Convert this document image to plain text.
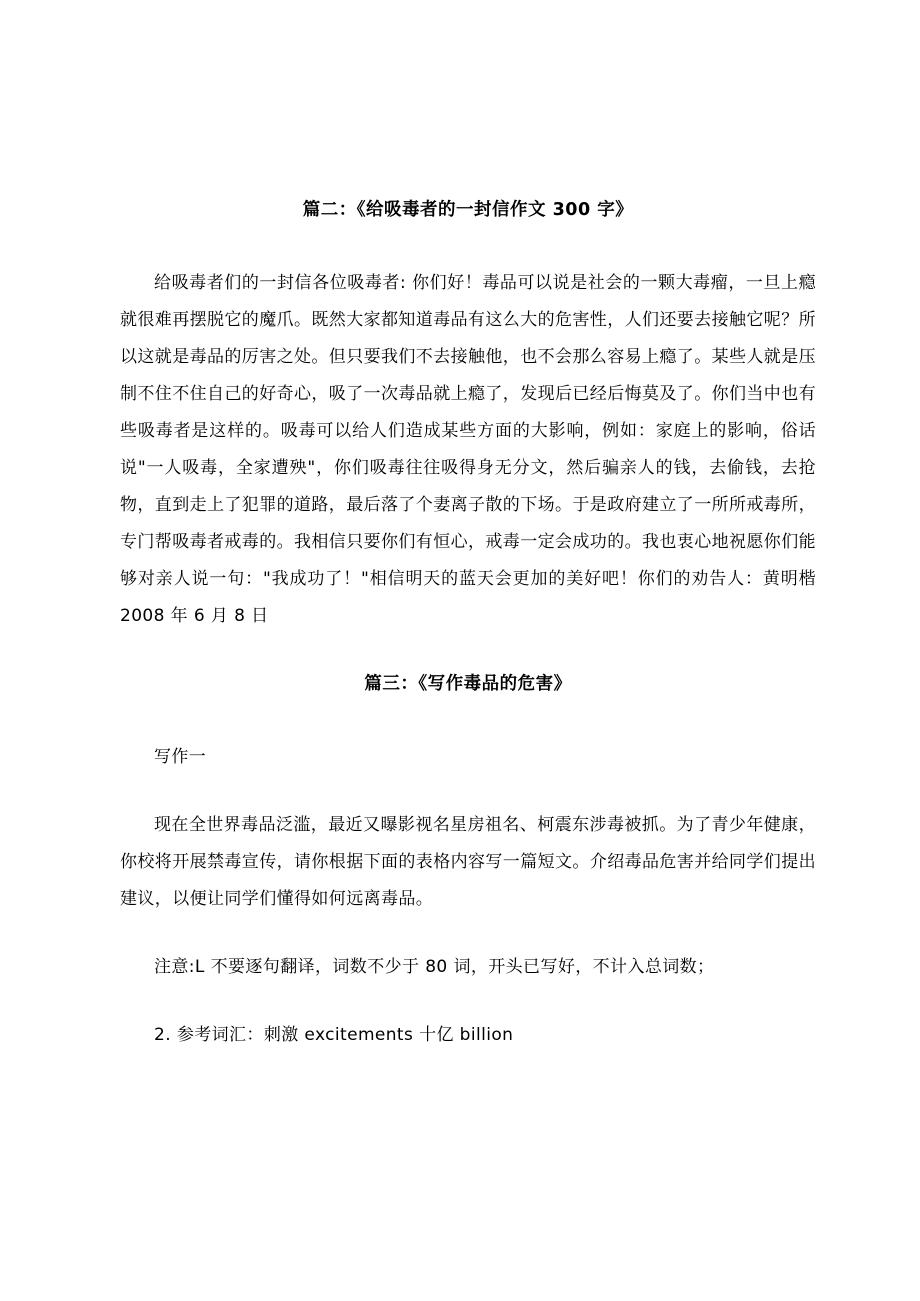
篇二：《给吸毒者的一封信作文 300 字》

给吸毒者们的一封信各位吸毒者: 你们好！毒品可以说是社会的一颗大毒瘤，一旦上瘾就很难再摆脱它的魔爪。既然大家都知道毒品有这么大的危害性，人们还要去接触它呢？所以这就是毒品的厉害之处。但只要我们不去接触他，也不会那么容易上瘾了。某些人就是压制不住不住自己的好奇心，吸了一次毒品就上瘾了，发现后已经后悔莫及了。你们当中也有些吸毒者是这样的。吸毒可以给人们造成某些方面的大影响，例如：家庭上的影响，俗话说"一人吸毒，全家遭殃"，你们吸毒往往吸得身无分文，然后骗亲人的钱，去偷钱，去抢物，直到走上了犯罪的道路，最后落了个妻离子散的下场。于是政府建立了一所所戒毒所，专门帮吸毒者戒毒的。我相信只要你们有恒心，戒毒一定会成功的。我也衷心地祝愿你们能够对亲人说一句："我成功了！"相信明天的蓝天会更加的美好吧！你们的劝告人：黄明楷 2008 年 6 月 8 日

篇三：《写作毒品的危害》

写作一

现在全世界毒品泛滥，最近又曝影视名星房祖名、柯震东涉毒被抓。为了青少年健康，你校将开展禁毒宣传，请你根据下面的表格内容写一篇短文。介绍毒品危害并给同学们提出建议，以便让同学们懂得如何远离毒品。

注意:L 不要逐句翻译，词数不少于 80 词，开头已写好，不计入总词数；

2. 参考词汇：刺激 excitements 十亿 billion
